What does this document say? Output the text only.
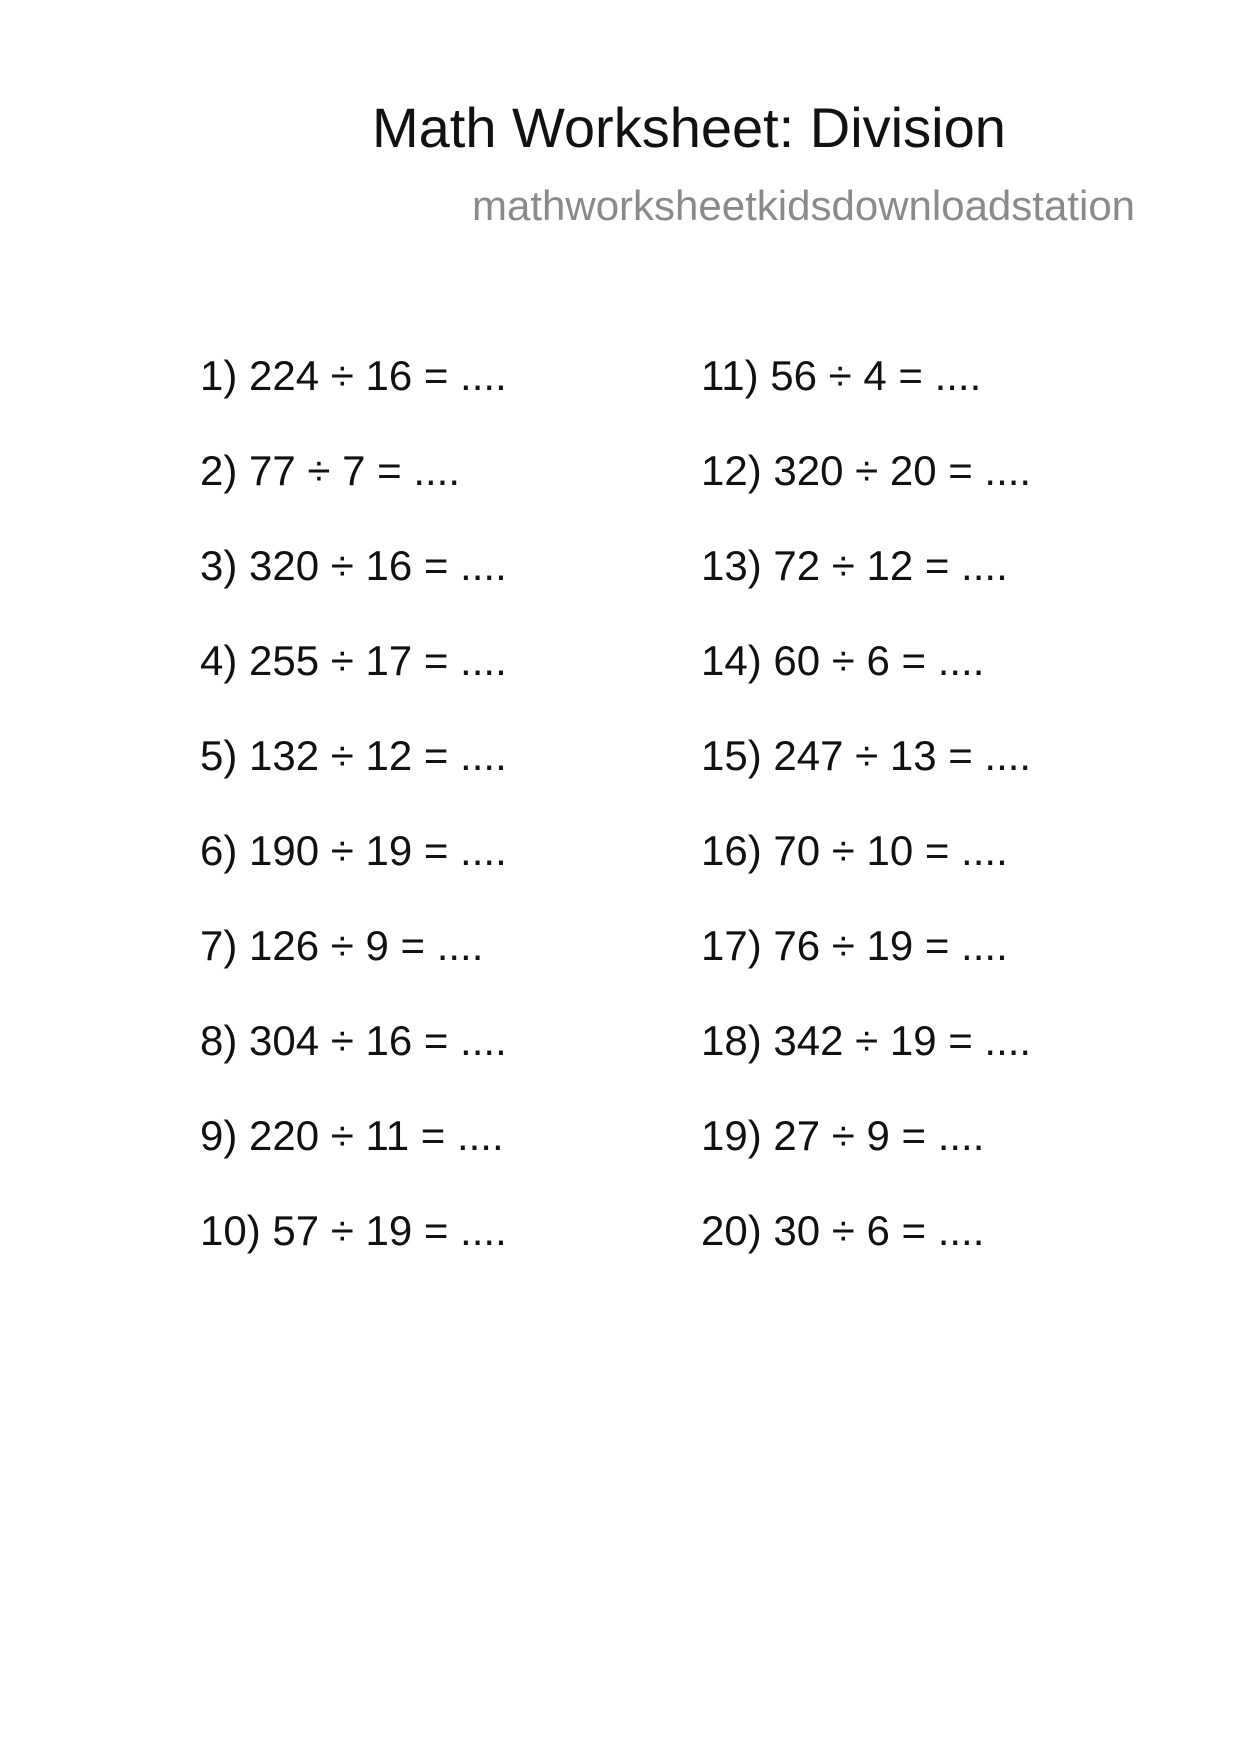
Math Worksheet: Division
mathworksheetkidsdownloadstation
1) 224 ÷ 16 = ....
2) 77 ÷ 7 = ....
3) 320 ÷ 16 = ....
4) 255 ÷ 17 = ....
5) 132 ÷ 12 = ....
6) 190 ÷ 19 = ....
7) 126 ÷ 9 = ....
8) 304 ÷ 16 = ....
9) 220 ÷ 11 = ....
10) 57 ÷ 19 = ....
11) 56 ÷ 4 = ....
12) 320 ÷ 20 = ....
13) 72 ÷ 12 = ....
14) 60 ÷ 6 = ....
15) 247 ÷ 13 = ....
16) 70 ÷ 10 = ....
17) 76 ÷ 19 = ....
18) 342 ÷ 19 = ....
19) 27 ÷ 9 = ....
20) 30 ÷ 6 = ....
